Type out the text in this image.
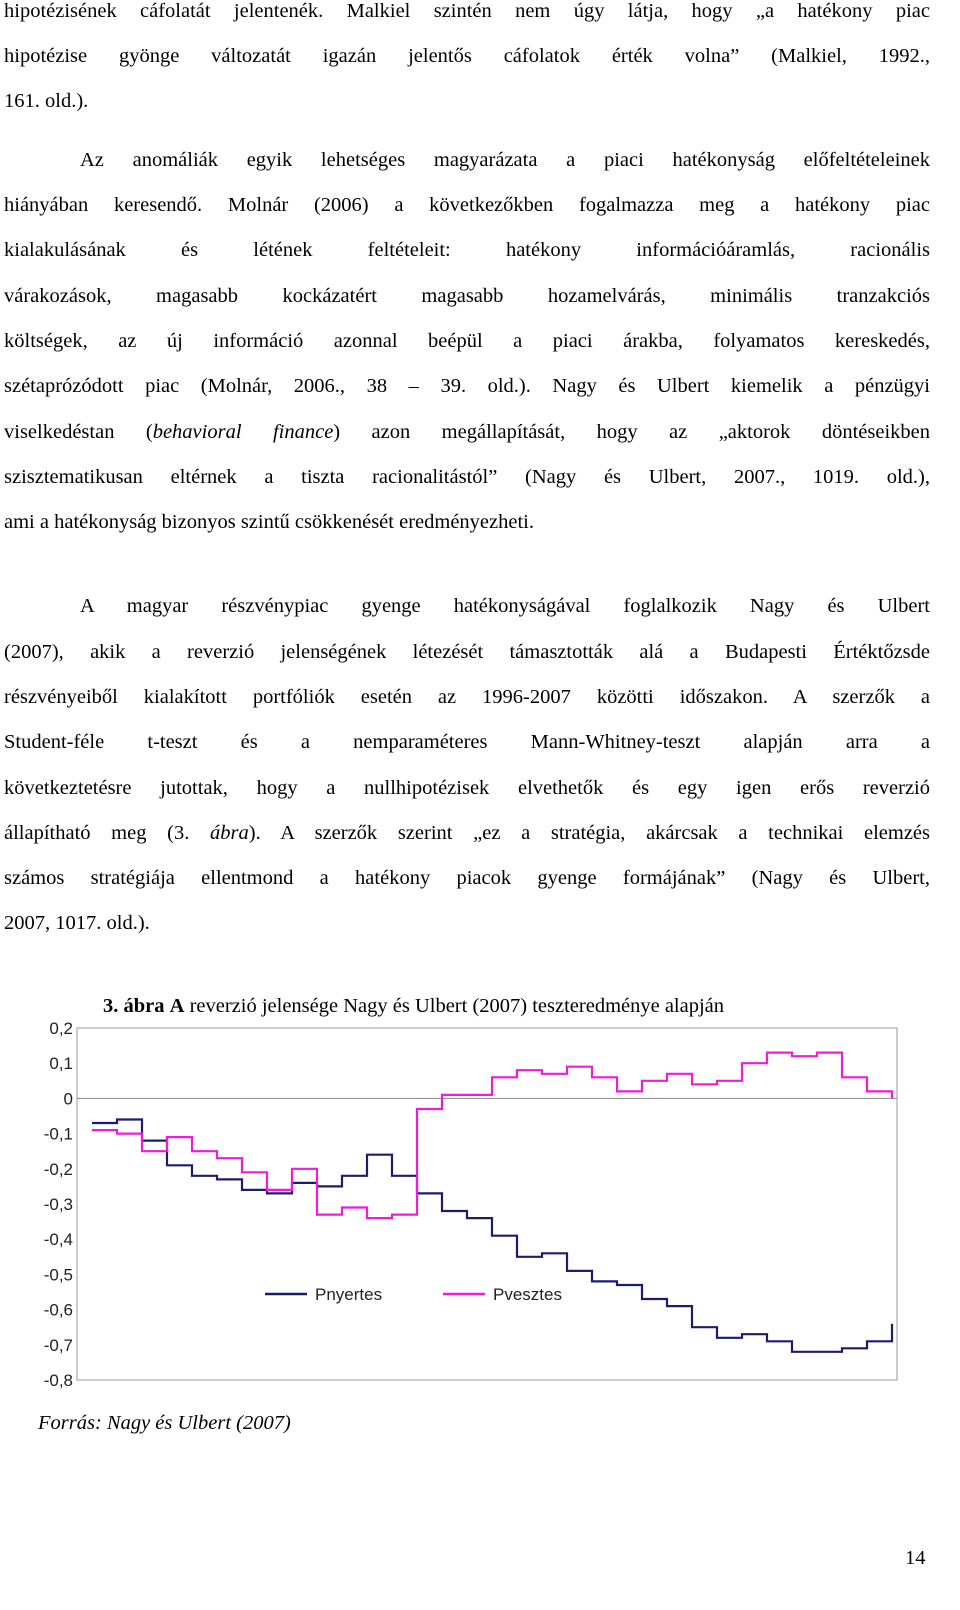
hipotézisének cáfolatát jelentenék. Malkiel szintén nem úgy látja, hogy „a hatékony piac
hipotézise gyönge változatát igazán jelentős cáfolatok érték volna” (Malkiel, 1992.,
161. old.).
Az anomáliák egyik lehetséges magyarázata a piaci hatékonyság előfeltételeinek
hiányában keresendő. Molnár (2006) a következőkben fogalmazza meg a hatékony piac
kialakulásának és létének feltételeit: hatékony információáramlás, racionális
várakozások, magasabb kockázatért magasabb hozamelvárás, minimális tranzakciós
költségek, az új információ azonnal beépül a piaci árakba, folyamatos kereskedés,
szétaprózódott piac (Molnár, 2006., 38 – 39. old.). Nagy és Ulbert kiemelik a pénzügyi
viselkedéstan (behavioral finance) azon megállapítását, hogy az „aktorok döntéseikben
szisztematikusan eltérnek a tiszta racionalitástól” (Nagy és Ulbert, 2007., 1019. old.),
ami a hatékonyság bizonyos szintű csökkenését eredményezheti.
A magyar részvénypiac gyenge hatékonyságával foglalkozik Nagy és Ulbert
(2007), akik a reverzió jelenségének létezését támasztották alá a Budapesti Értéktőzsde
részvényeiből kialakított portfóliók esetén az 1996-2007 közötti időszakon. A szerzők a
Student-féle t-teszt és a nemparaméteres Mann-Whitney-teszt alapján arra a
következtetésre jutottak, hogy a nullhipotézisek elvethetők és egy igen erős reverzió
állapítható meg (3. ábra). A szerzők szerint „ez a stratégia, akárcsak a technikai elemzés
számos stratégiája ellentmond a hatékony piacok gyenge formájának” (Nagy és Ulbert,
2007, 1017. old.).
3. ábra A reverzió jelensége Nagy és Ulbert (2007) teszteredménye alapján
0,2
0,1
0
-0,1
-0,2
-0,3
-0,4
-0,5
-0,6
-0,7
-0,8
Pnyertes	Pvesztes
Forrás: Nagy és Ulbert (2007)
14
